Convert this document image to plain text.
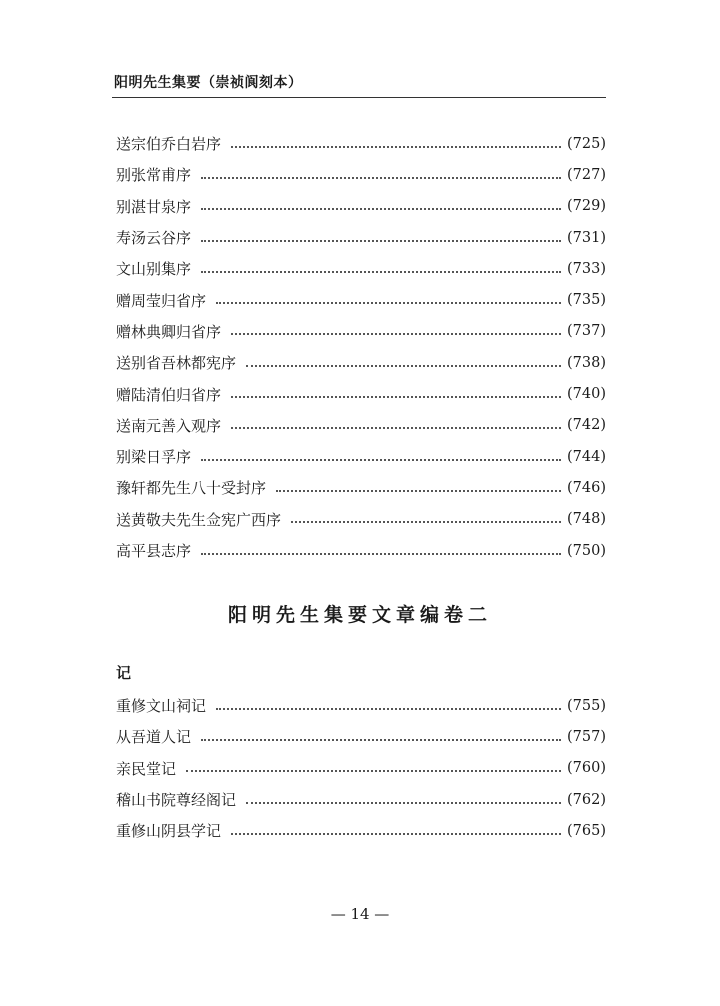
阳明先生集要（崇祯阆刻本）
送宗伯乔白岩序	(725)
别张常甫序	(727)
别湛甘泉序	(729)
寿汤云谷序	(731)
文山别集序	(733)
赠周莹归省序	(735)
赠林典卿归省序	(737)
送别省吾林都宪序	(738)
赠陆清伯归省序	(740)
送南元善入观序	(742)
别梁日孚序	(744)
豫轩都先生八十受封序	(746)
送黄敬夫先生佥宪广西序	(748)
高平县志序	(750)
阳明先生集要文章编卷二
记
重修文山祠记	(755)
从吾道人记	(757)
亲民堂记	(760)
稽山书院尊经阁记	(762)
重修山阴县学记	(765)
— 14 —
